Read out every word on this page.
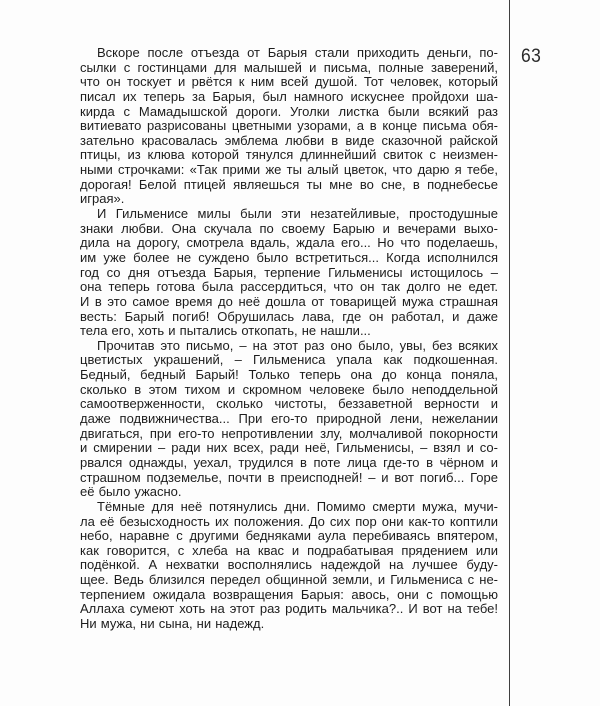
Вскоре после отъезда от Барыя стали приходить деньги, по-
сылки с гостинцами для малышей и письма, полные заверений,
что он тоскует и рвётся к ним всей душой. Тот человек, который
писал их теперь за Барыя, был намного искуснее пройдохи ша-
кирда с Мамадышской дороги. Уголки листка были всякий раз
витиевато разрисованы цветными узорами, а в конце письма обя-
зательно красовалась эмблема любви в виде сказочной райской
птицы, из клюва которой тянулся длиннейший свиток с неизмен-
ными строчками: «Так прими же ты алый цветок, что дарю я тебе,
дорогая! Белой птицей являешься ты мне во сне, в поднебесье
играя».
И Гильменисе милы были эти незатейливые, простодушные
знаки любви. Она скучала по своему Барыю и вечерами выхо-
дила на дорогу, смотрела вдаль, ждала его... Но что поделаешь,
им уже более не суждено было встретиться... Когда исполнился
год со дня отъезда Барыя, терпение Гильменисы истощилось –
она теперь готова была рассердиться, что он так долго не едет.
И в это самое время до неё дошла от товарищей мужа страшная
весть: Барый погиб! Обрушилась лава, где он работал, и даже
тела его, хоть и пытались откопать, не нашли...
Прочитав это письмо, – на этот раз оно было, увы, без всяких
цветистых украшений, – Гильмениса упала как подкошенная.
Бедный, бедный Барый! Только теперь она до конца поняла,
сколько в этом тихом и скромном человеке было неподдельной
самоотверженности, сколько чистоты, беззаветной верности и
даже подвижничества... При его-то природной лени, нежелании
двигаться, при его-то непротивлении злу, молчаливой покорности
и смирении – ради них всех, ради неё, Гильменисы, – взял и со-
рвался однажды, уехал, трудился в поте лица где-то в чёрном и
страшном подземелье, почти в преисподней! – и вот погиб... Горе
её было ужасно.
Тёмные для неё потянулись дни. Помимо смерти мужа, мучи-
ла её безысходность их положения. До сих пор они как-то коптили
небо, наравне с другими бедняками аула перебиваясь впятером,
как говорится, с хлеба на квас и подрабатывая прядением или
подёнкой. А нехватки восполнялись надеждой на лучшее буду-
щее. Ведь близился передел общинной земли, и Гильмениса с не-
терпением ожидала возвращения Барыя: авось, они с помощью
Аллаха сумеют хоть на этот раз родить мальчика?.. И вот на тебе!
Ни мужа, ни сына, ни надежд.
63
